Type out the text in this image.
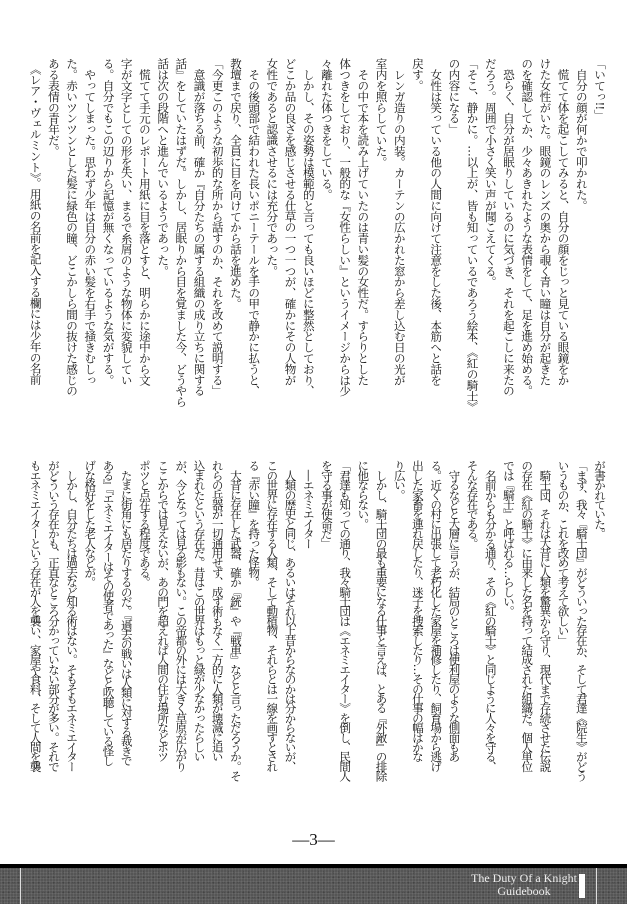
「いてっ!!」
　自分の顔が何かで叩かれた。
　慌てて体を起こしてみると、自分の顔をじっと見ている眼鏡をか
けた女性がいた。眼鏡のレンズの奥から覗く青い瞳は自分が起きた
のを確認してか、少々あきれたような表情をして、足を進め始める。
　恐らく、自分が居眠りしているのに気づき、それを起こしに来たの
だろう。周囲で小さく笑い声が聞こえてくる。
「そこ、静かに。…以上が、皆も知っているであろう絵本、《紅の騎士》
の内容になる」
　女性は笑っている他の人間に向けて注意をした後、本筋へと話を
戻す。
　レンガ造りの内装。カーテンの広かれた窓から差し込む日の光が
室内を照らしていた。
　その中で本を読み上げていたのは青い髪の女性だ。すらりとした
体つきをしており、一般的な『女性らしい』というイメージからは少
々離れた体つきをしている。
　しかし、その姿勢は模範的と言っても良いほどに整然としており、
どこか品の良さを感じさせる仕草の一つ一つが、確かにその人物が
女性であると認識させるには充分であった。
　その後頭部で結われた長いポニーテールを手の甲で静かに払うと、
教壇まで戻り、全員に目を向けてから話を進めた。
「今更このような初歩的な所から話すのか、それを改めて説明する」
　意識が落ちる前、確か『自分たちの属する組織の成り立ちに関する
話』をしていたはずだ。しかし、居眠りから目を覚ました今、どうやら
話は次の段階へと進んでいるようであった。
　慌てて手元のレポート用紙に目を落とすと、明らかに途中から文
字が文字としての形を失い、まるで糸屑のような物体に変貌してい
る。自分でもこの辺りから記憶が無くなっているような気がする。
　やってしまった。思わず少年は自分の赤い髪を右手で掻きむしっ
た。赤いツンツンとした髪に緑色の瞳、どこかしら間の抜けた感じの
ある表情の青年だ。
　《レア・ヴェルミント》。用紙の名前を記入する欄には少年の名前
が書かれていた。
「まず、我々『騎士団』がどういった存在か、そして君達《院生》がどう
いうものか、これを改めて考えて欲しい」
　騎士団、それは大昔に人類を驚異から守り、現代まで存続させた伝説
の存在《紅の騎士》に由来した名を持って結成された組織だ。個人単位
では『騎士』と呼ばれる…らしい。
　名前からも分かる通り、その《紅の騎士》と同じように人々を守る、
そんな存在である。
　守るなどと大層に言うが、結局のところは便利屋のような側面もあ
る。近くの村に出張して老朽化した家屋を補修したり、飼育場から逃げ
出した家畜を連れ戻したり、迷子を捜索したり…その仕事の幅はかな
り広い。
　しかし、騎士団の最も重要になる仕事と言えば、とある『外敵』の排除
に他ならない。
「君達も知っての通り、我々騎士団は《エネミエイター》を倒し、民間人
を守る事が使命だ」
　―エネミエイター
　人類の歴史と同じ、あるいはそれ以上昔からなのかは分からないが、
この世界に存在する人類、そして動植物、それらとは一線を画すとされ
る『赤い瞳』を持った怪物。
　大昔に存在した武器、確か『銃』や『戦車』などと言っただろうか。そ
れらの兵器が一切通用せず、成す術もなく一方的に人類が壊滅に追い
込まれたという存在だ。昔はこの世界はもっと緑が少なかったらしい
が、今となっては見る影もない。この帝都の外には大きく草原が広がり
ここからでは見えないが、あの門を超えれば人間の住む場所などポツ
ポツと点在する程度である。
　たまに街角にも居たりするのだ。『過去の戦いは人類に対する裁きで
ある』『エネミエイターはその使者であった』などと吹聴している怪し
げな格好をした老人などが。
　しかし、自分たちは過去など知る術はない。そもそもエネミエイター
がどういう存在かも、正直なところ分かっていない部分が多い。それで
もエネミエイターという存在が人を襲い、家屋や食料、そして人間を襲
—3—
The Duty Of a Knight
Guidebook
